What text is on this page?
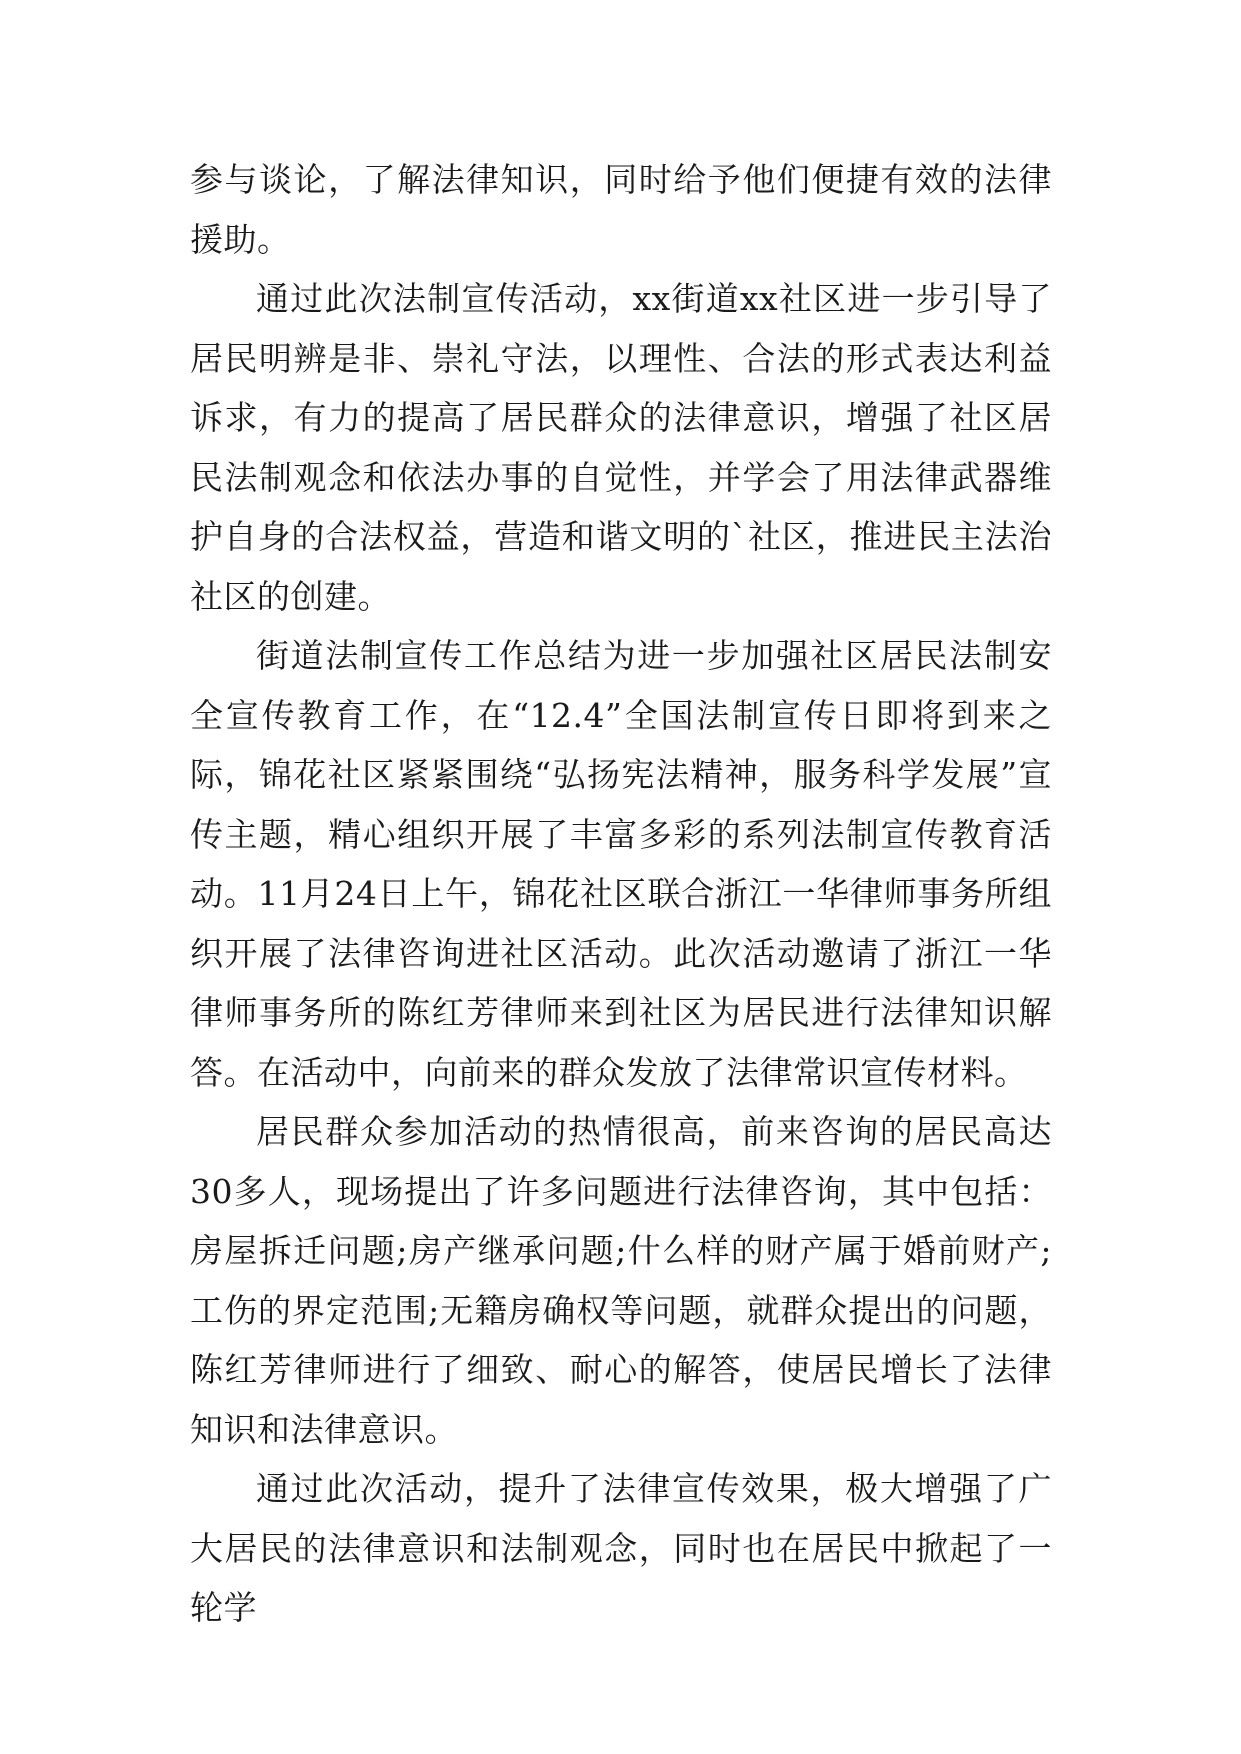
参与谈论，了解法律知识，同时给予他们便捷有效的法律援助。

通过此次法制宣传活动，xx街道xx社区进一步引导了居民明辨是非、崇礼守法，以理性、合法的形式表达利益诉求，有力的提高了居民群众的法律意识，增强了社区居民法制观念和依法办事的自觉性，并学会了用法律武器维护自身的合法权益，营造和谐文明的`社区，推进民主法治社区的创建。

街道法制宣传工作总结为进一步加强社区居民法制安全宣传教育工作，在“12.4”全国法制宣传日即将到来之际，锦花社区紧紧围绕“弘扬宪法精神，服务科学发展”宣传主题，精心组织开展了丰富多彩的系列法制宣传教育活动。11月24日上午，锦花社区联合浙江一华律师事务所组织开展了法律咨询进社区活动。此次活动邀请了浙江一华律师事务所的陈红芳律师来到社区为居民进行法律知识解答。在活动中，向前来的群众发放了法律常识宣传材料。

居民群众参加活动的热情很高，前来咨询的居民高达30多人，现场提出了许多问题进行法律咨询，其中包括：房屋拆迁问题;房产继承问题;什么样的财产属于婚前财产;工伤的界定范围;无籍房确权等问题，就群众提出的问题，陈红芳律师进行了细致、耐心的解答，使居民增长了法律知识和法律意识。

通过此次活动，提升了法律宣传效果，极大增强了广大居民的法律意识和法制观念，同时也在居民中掀起了一轮学
